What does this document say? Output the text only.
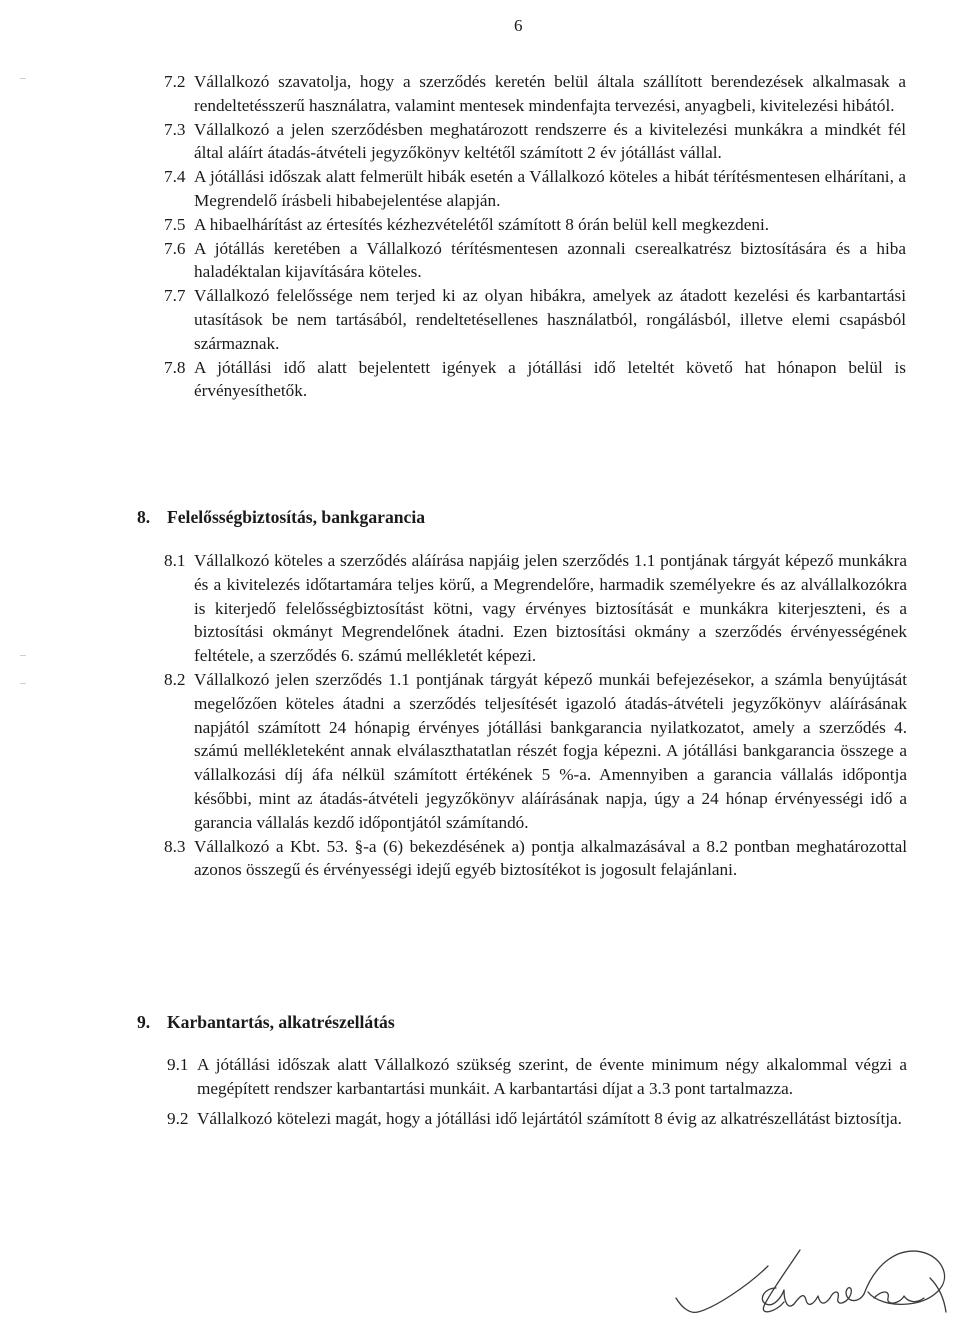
6
7.2 Vállalkozó szavatolja, hogy a szerződés keretén belül általa szállított berendezések alkalmasak a rendeltetésszerű használatra, valamint mentesek mindenfajta tervezési, anyagbeli, kivitelezési hibától.
7.3 Vállalkozó a jelen szerződésben meghatározott rendszerre és a kivitelezési munkákra a mindkét fél által aláírt átadás-átvételi jegyzőkönyv keltétől számított 2 év jótállást vállal.
7.4 A jótállási időszak alatt felmerült hibák esetén a Vállalkozó köteles a hibát térítésmentesen elhárítani, a Megrendelő írásbeli hibabejelentése alapján.
7.5 A hibaelhárítást az értesítés kézhezvételétől számított 8 órán belül kell megkezdeni.
7.6 A jótállás keretében a Vállalkozó térítésmentesen azonnali cserealkatrész biztosítására és a hiba haladéktalan kijavítására köteles.
7.7 Vállalkozó felelőssége nem terjed ki az olyan hibákra, amelyek az átadott kezelési és karbantartási utasítások be nem tartásából, rendeltetésellenes használatból, rongálásból, illetve elemi csapásból származnak.
7.8 A jótállási idő alatt bejelentett igények a jótállási idő leteltét követő hat hónapon belül is érvényesíthetők.
8. Felelősségbiztosítás, bankgarancia
8.1 Vállalkozó köteles a szerződés aláírása napjáig jelen szerződés 1.1 pontjának tárgyát képező munkákra és a kivitelezés időtartamára teljes körű, a Megrendelőre, harmadik személyekre és az alvállalkozókra is kiterjedő felelősségbiztosítást kötni, vagy érvényes biztosítását e munkákra kiterjeszteni, és a biztosítási okmányt Megrendelőnek átadni. Ezen biztosítási okmány a szerződés érvényességének feltétele, a szerződés 6. számú mellékletét képezi.
8.2 Vállalkozó jelen szerződés 1.1 pontjának tárgyát képező munkái befejezésekor, a számla benyújtását megelőzően köteles átadni a szerződés teljesítését igazoló átadás-átvételi jegyzőkönyv aláírásának napjától számított 24 hónapig érvényes jótállási bankgarancia nyilatkozatot, amely a szerződés 4. számú mellékleteként annak elválaszthatatlan részét fogja képezni. A jótállási bankgarancia összege a vállalkozási díj áfa nélkül számított értékének 5 %-a. Amennyiben a garancia vállalás időpontja későbbi, mint az átadás-átvételi jegyzőkönyv aláírásának napja, úgy a 24 hónap érvényességi idő a garancia vállalás kezdő időpontjától számítandó.
8.3 Vállalkozó a Kbt. 53. §-a (6) bekezdésének a) pontja alkalmazásával a 8.2 pontban meghatározottal azonos összegű és érvényességi idejű egyéb biztosítékot is jogosult felajánlani.
9. Karbantartás, alkatrészellátás
9.1 A jótállási időszak alatt Vállalkozó szükség szerint, de évente minimum négy alkalommal végzi a megépített rendszer karbantartási munkáit. A karbantartási díjat a 3.3 pont tartalmazza.
9.2 Vállalkozó kötelezi magát, hogy a jótállási idő lejártától számított 8 évig az alkatrészellátást biztosítja.
